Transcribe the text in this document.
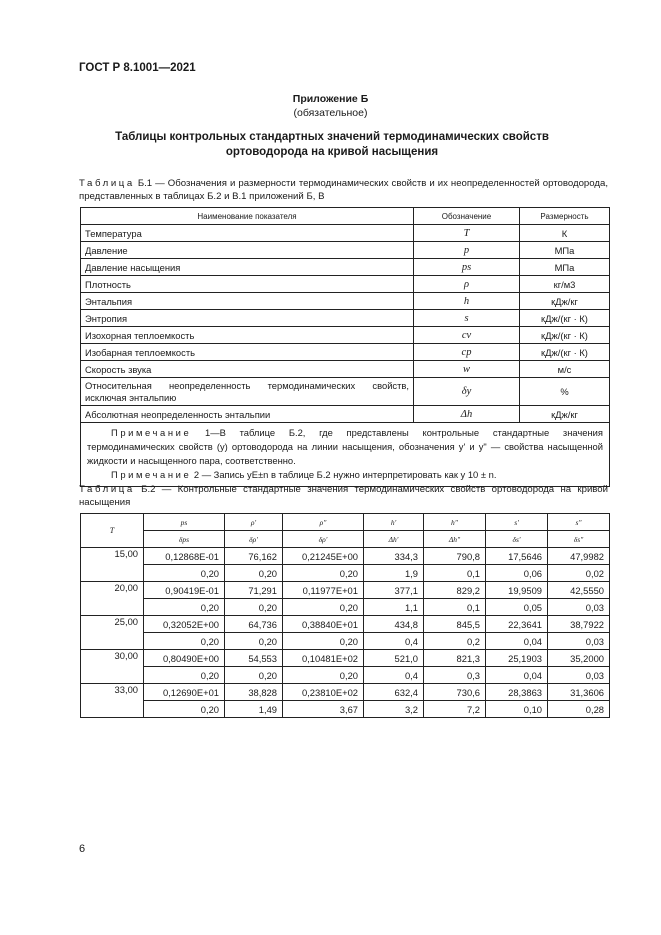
ГОСТ Р 8.1001—2021
Приложение Б
(обязательное)
Таблицы контрольных стандартных значений термодинамических свойств ортоводорода на кривой насыщения
Таблица Б.1 — Обозначения и размерности термодинамических свойств и их неопределенностей ортоводорода, представленных в таблицах Б.2 и В.1 приложений Б, В
Наименование показателя	Обозначение	Размерность
Температура	T	К
Давление	p	МПа
Давление насыщения	ps	МПа
Плотность	ρ	кг/м3
Энтальпия	h	кДж/кг
Энтропия	s	кДж/(кг · К)
Изохорная теплоемкость	cv	кДж/(кг · К)
Изобарная теплоемкость	cp	кДж/(кг · К)
Скорость звука	w	м/с
Относительная неопределенность термодинамических свойств, исключая энтальпию	δy	%
Абсолютная неопределенность энтальпии	Δh	кДж/кг

Примечание 1—В таблице Б.2, где представлены контрольные стандартные значения термодинамических свойств (y) ортоводорода на линии насыщения, обозначения y' и y" — свойства насыщенной жидкости и насыщенного пара, соответственно.

Примечание 2 — Запись yE±n в таблице Б.2 нужно интерпретировать как y 10 ± n.		

Таблица Б.2 — Контрольные стандартные значения термодинамических свойств ортоводорода на кривой насыщения
T	ps	ρ'	ρ"	h'	h"	s'	s"
	δps	δρ'	δρ'	Δh'	Δh"	δs'	δs"
15,00	0,12868E-01	76,162	0,21245E+00	334,3	790,8	17,5646	47,9982
	0,20	0,20	0,20	1,9	0,1	0,06	0,02
20,00	0,90419E-01	71,291	0,11977E+01	377,1	829,2	19,9509	42,5550
	0,20	0,20	0,20	1,1	0,1	0,05	0,03
25,00	0,32052E+00	64,736	0,38840E+01	434,8	845,5	22,3641	38,7922
	0,20	0,20	0,20	0,4	0,2	0,04	0,03
30,00	0,80490E+00	54,553	0,10481E+02	521,0	821,3	25,1903	35,2000
	0,20	0,20	0,20	0,4	0,3	0,04	0,03
33,00	0,12690E+01	38,828	0,23810E+02	632,4	730,6	28,3863	31,3606
	0,20	1,49	3,67	3,2	7,2	0,10	0,28
6
